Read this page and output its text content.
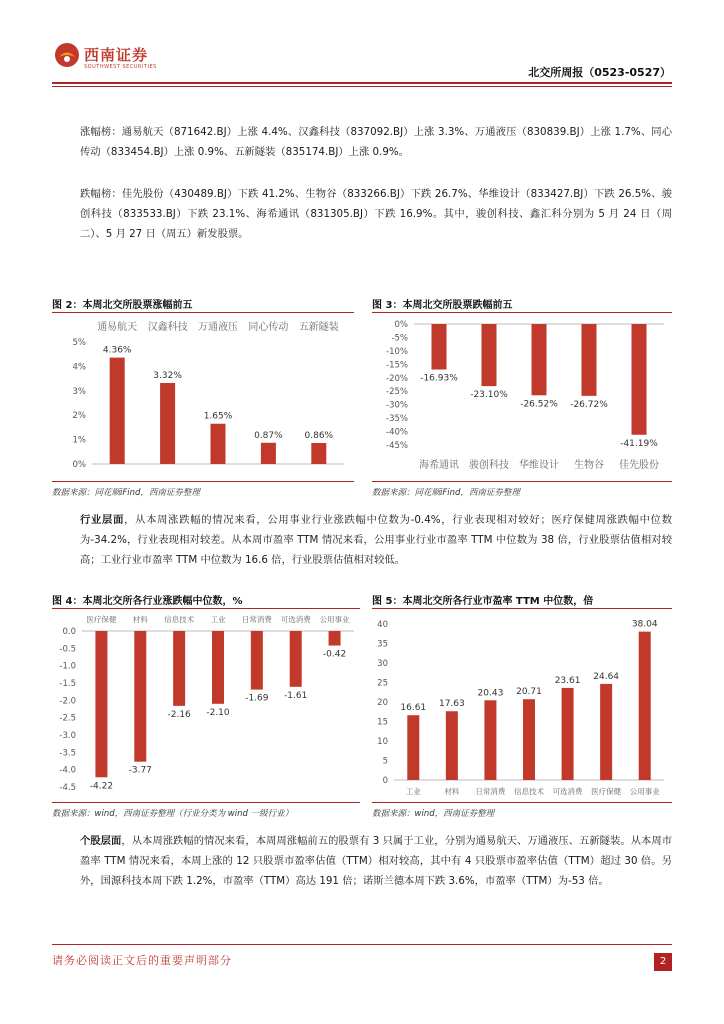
西南证券
SOUTHWEST SECURITIES	北交所周报（0523-0527）
涨幅榜：通易航天（871642.BJ）上涨 4.4%、汉鑫科技（837092.BJ）上涨 3.3%、万通液压（830839.BJ）上涨 1.7%、同心传动（833454.BJ）上涨 0.9%、五新隧装（835174.BJ）上涨 0.9%。
跌幅榜：佳先股份（430489.BJ）下跌 41.2%、生物谷（833266.BJ）下跌 26.7%、华维设计（833427.BJ）下跌 26.5%、骏创科技（833533.BJ）下跌 23.1%、海希通讯（831305.BJ）下跌 16.9%。其中，骏创科技、鑫汇科分别为 5 月 24 日（周二）、5 月 27 日（周五）新发股票。
图 2：本周北交所股票涨幅前五
0%
1%
2%
3%
4%
5%
4.36%
通易航天
3.32%
汉鑫科技
1.65%
万通液压
0.87%
同心传动
0.86%
五新隧装
数据来源：同花顺iFind，西南证券整理
图 3：本周北交所股票跌幅前五
0%
-5%
-10%
-15%
-20%
-25%
-30%
-35%
-40%
-45%
-16.93%
海希通讯
-23.10%
骏创科技
-26.52%
华维设计
-26.72%
生物谷
-41.19%
佳先股份
数据来源：同花顺iFind，西南证券整理
行业层面，从本周涨跌幅的情况来看，公用事业行业涨跌幅中位数为-0.4%，行业表现相对较好；医疗保健周涨跌幅中位数为-34.2%，行业表现相对较差。从本周市盈率 TTM 情况来看，公用事业行业市盈率 TTM 中位数为 38 倍，行业股票估值相对较高；工业行业市盈率 TTM 中位数为 16.6 倍，行业股票估值相对较低。
图 4：本周北交所各行业涨跌幅中位数，%
0.0
-0.5
-1.0
-1.5
-2.0
-2.5
-3.0
-3.5
-4.0
-4.5 -4.22
医疗保健
-3.77
材料
-2.16
信息技术
-2.10
工业
-1.69
日常消费
-1.61
可选消费
-0.42
公用事业
数据来源：wind，西南证券整理（行业分类为 wind 一级行业）
图 5：本周北交所各行业市盈率 TTM 中位数，倍
0
5
10
15
20
25
30
35
40
16.61
工业
17.63
材料
20.43
日常消费
20.71
信息技术
23.61
可选消费
24.64
医疗保健
38.04
公用事业
数据来源：wind，西南证券整理
个股层面，从本周涨跌幅的情况来看，本周周涨幅前五的股票有 3 只属于工业，分别为通易航天、万通液压、五新隧装。从本周市盈率 TTM 情况来看，本周上涨的 12 只股票市盈率估值（TTM）相对较高，其中有 4 只股票市盈率估值（TTM）超过 30 倍。另外，国源科技本周下跌 1.2%，市盈率（TTM）高达 191 倍；诺斯兰德本周下跌 3.6%，市盈率（TTM）为-53 倍。
请务必阅读正文后的重要声明部分	2
